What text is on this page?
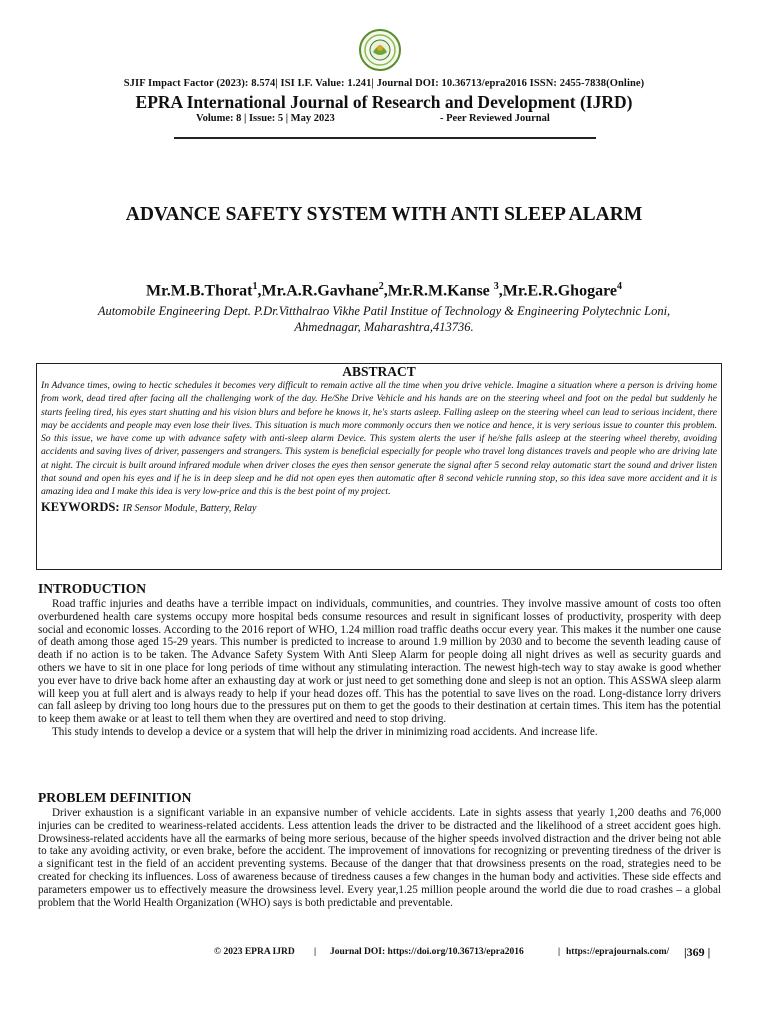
SJIF Impact Factor (2023): 8.574| ISI I.F. Value: 1.241| Journal DOI: 10.36713/epra2016 ISSN: 2455-7838(Online)
EPRA International Journal of Research and Development (IJRD)
Volume: 8 | Issue: 5 | May 2023	- Peer Reviewed Journal
ADVANCE SAFETY SYSTEM WITH ANTI SLEEP ALARM
Mr.M.B.Thorat$^1$,Mr.A.R.Gavhane$^2$,Mr.R.M.Kanse $^3$,Mr.E.R.Ghogare$^4$
Automobile Engineering Dept. P.Dr.Vitthalrao Vikhe Patil Institue of Technology & Engineering Polytechnic Loni,
Ahmednagar, Maharashtra,413736.
ABSTRACT
In Advance times, owing to hectic schedules it becomes very difficult to remain active all the time when you drive vehicle. Imagine a situation where a person is driving home from work, dead tired after facing all the challenging work of the day. He/She Drive Vehicle and his hands are on the steering wheel and foot on the pedal but suddenly he starts feeling tired, his eyes start shutting and his vision blurs and before he knows it, he's starts asleep. Falling asleep on the steering wheel can lead to serious incident, there may be accidents and people may even lose their lives. This situation is much more commonly occurs then we notice and hence, it is very serious issue to counter this problem. So this issue, we have come up with advance safety with anti-sleep alarm Device. This system alerts the user if he/she falls asleep at the steering wheel thereby, avoiding accidents and saving lives of driver, passengers and strangers. This system is beneficial especially for people who travel long distances travels and people who are driving late at night. The circuit is built around infrared module when driver closes the eyes then sensor generate the signal after 5 second relay automatic start the sound and driver listen that sound and open his eyes and if he is in deep sleep and he did not open eyes then automatic after 8 second vehicle running stop, so this idea save more accident and it is amazing idea and I make this idea is very low-price and this is the best point of my project.
KEYWORDS: IR Sensor Module, Battery, Relay
INTRODUCTION

Road traffic injuries and deaths have a terrible impact on individuals, communities, and countries. They involve massive amount of costs too often overburdened health care systems occupy more hospital beds consume resources and result in significant losses of productivity, prosperity with deep social and economic losses. According to the 2016 report of WHO, 1.24 million road traffic deaths occur every year. This makes it the number one cause of death among those aged 15-29 years. This number is predicted to increase to around 1.9 million by 2030 and to become the seventh leading cause of death if no action is to be taken. The Advance Safety System With Anti Sleep Alarm for people doing all night drives as well as security guards and others we have to sit in one place for long periods of time without any stimulating interaction. The newest high-tech way to stay awake is good whether you ever have to drive back home after an exhausting day at work or just need to get something done and sleep is not an option. This ASSWA sleep alarm will keep you at full alert and is always ready to help if your head dozes off. This has the potential to save lives on the road. Long-distance lorry drivers can fall asleep by driving too long hours due to the pressures put on them to get the goods to their destination at certain times. This item has the potential to keep them awake or at least to tell them when they are overtired and need to stop driving.

This study intends to develop a device or a system that will help the driver in minimizing road accidents. And increase life.

PROBLEM DEFINITION

Driver exhaustion is a significant variable in an expansive number of vehicle accidents. Late in sights assess that yearly 1,200 deaths and 76,000 injuries can be credited to weariness-related accidents. Less attention leads the driver to be distracted and the likelihood of a street accident goes high. Drowsiness-related accidents have all the earmarks of being more serious, because of the higher speeds involved distraction and the driver being not able to take any avoiding activity, or even brake, before the accident. The improvement of innovations for recognizing or preventing tiredness of the driver is a significant test in the field of an accident preventing systems. Because of the danger that that drowsiness presents on the road, strategies need to be created for checking its influences. Loss of awareness because of tiredness causes a few changes in the human body and activities. These side effects and parameters empower us to effectively measure the drowsiness level. Every year,1.25 million people around the world die due to road crashes – a global problem that the World Health Organization (WHO) says is both predictable and preventable.

© 2023 EPRA IJRD | Journal DOI: https://doi.org/10.36713/epra2016	| https://eprajournals.com/ |369 |
